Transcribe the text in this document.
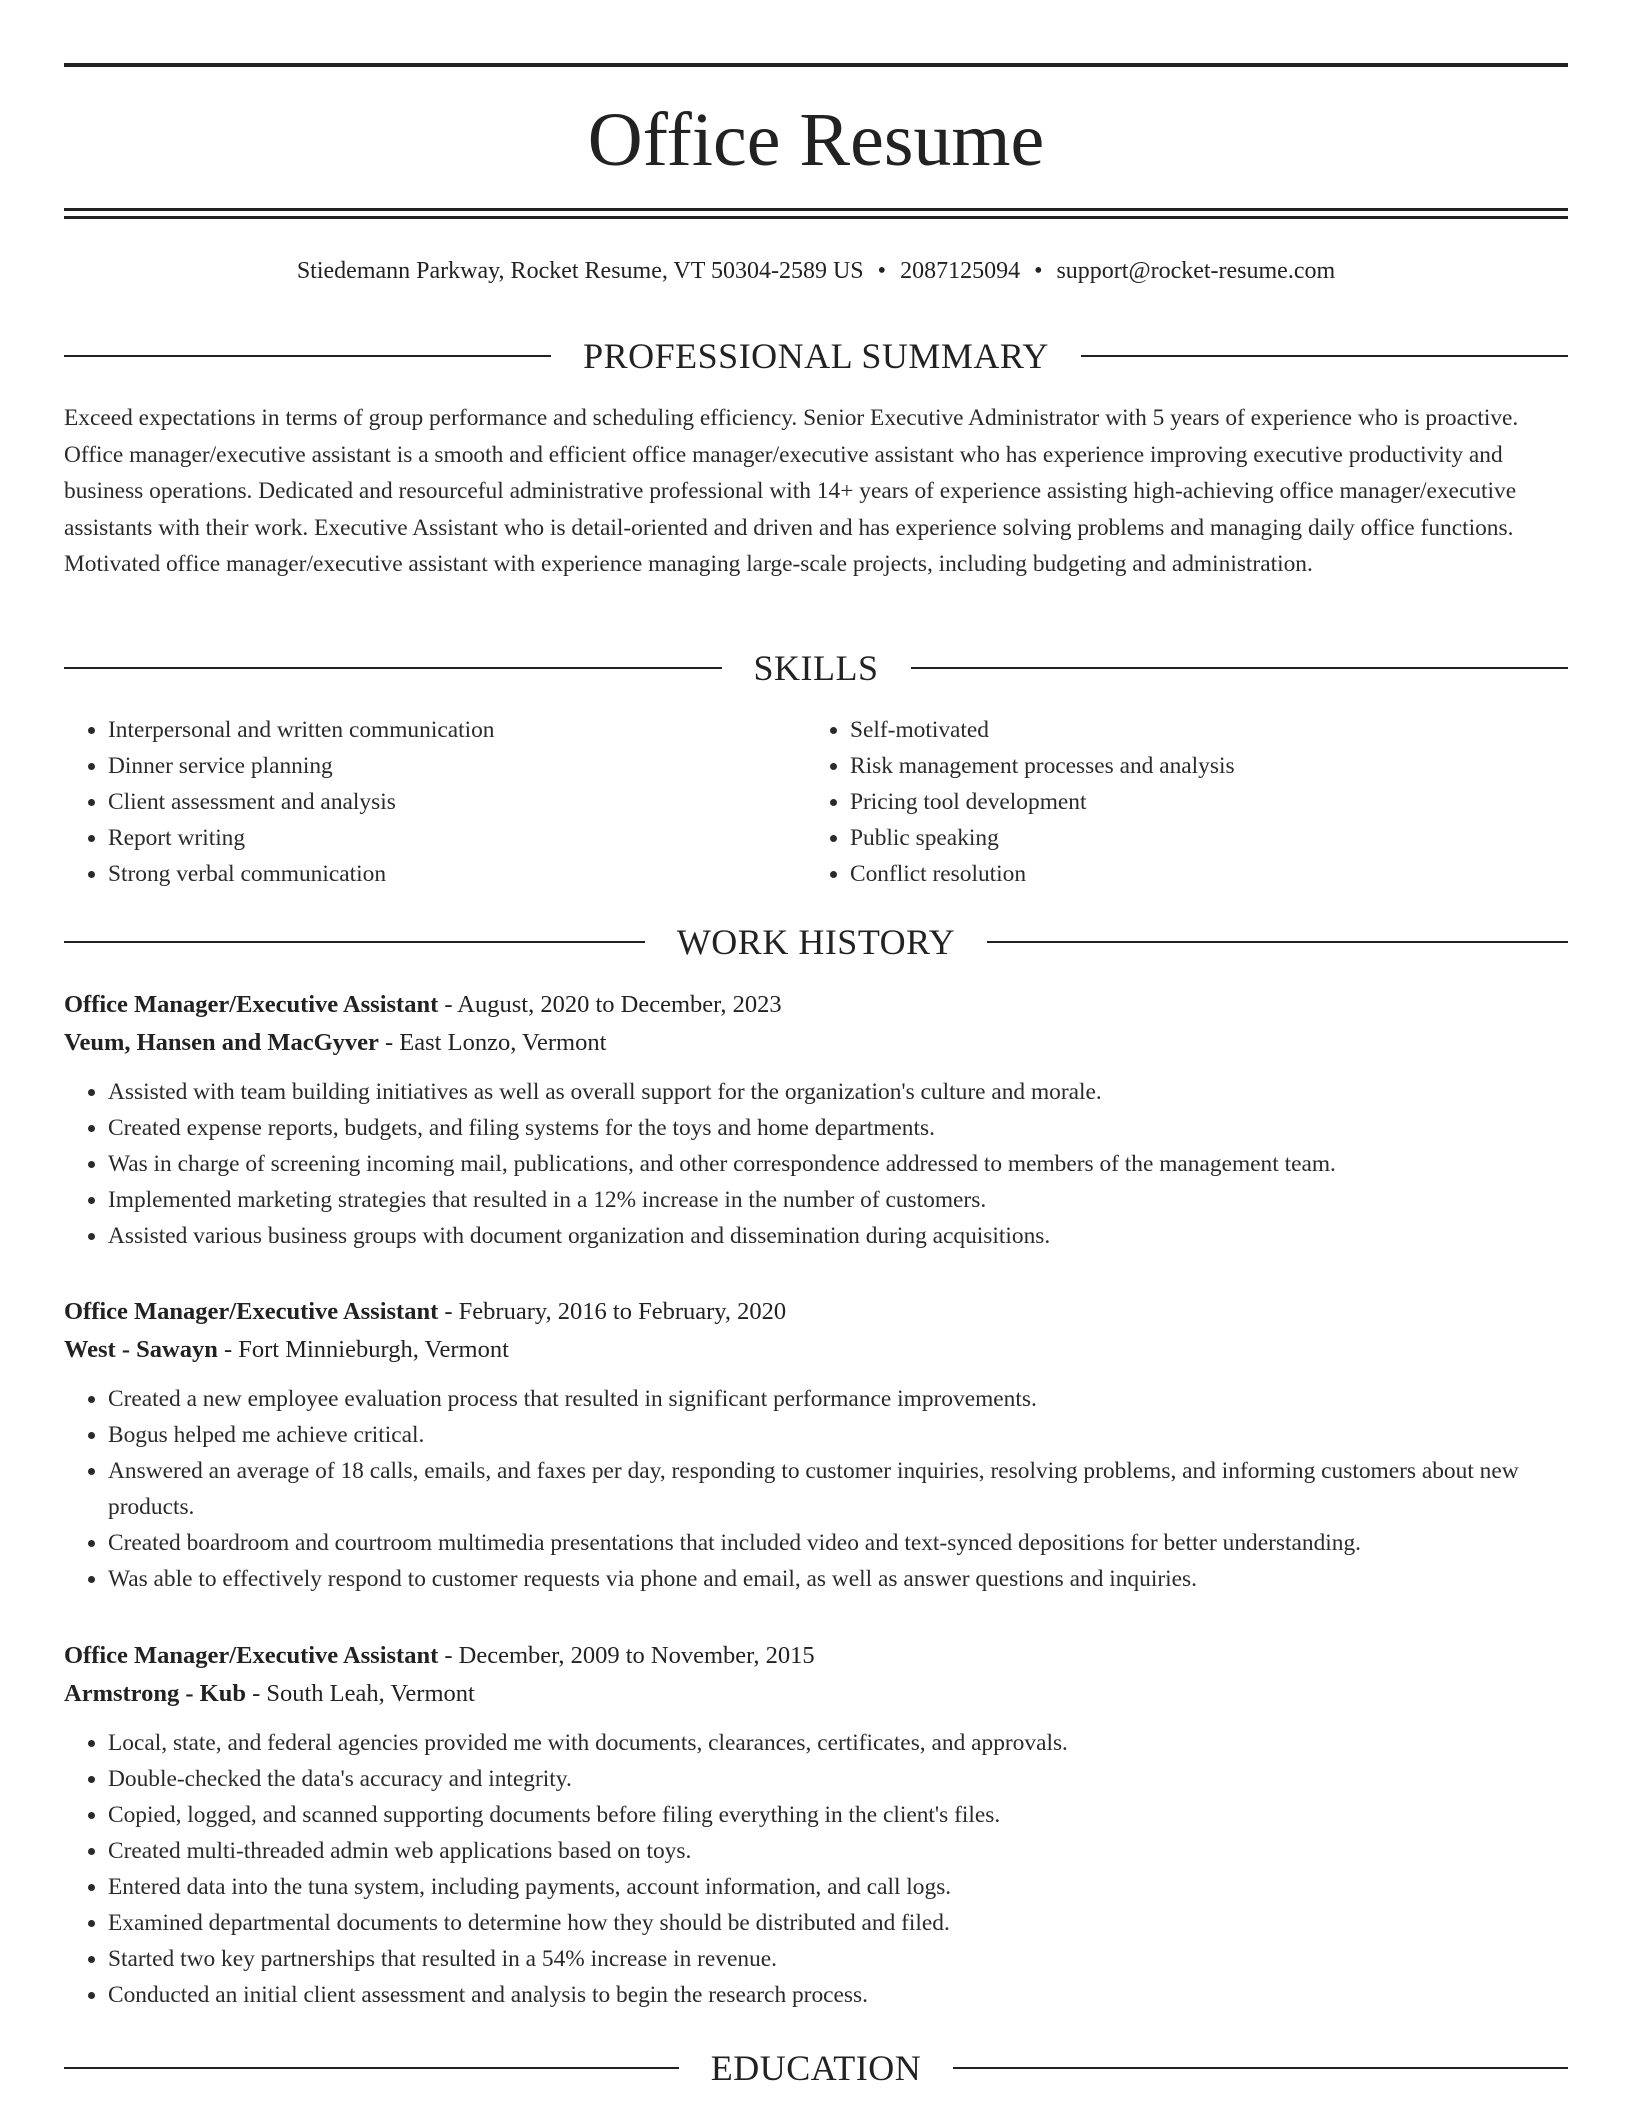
Office Resume
Stiedemann Parkway, Rocket Resume, VT 50304-2589 US • 2087125094 • support@rocket-resume.com
PROFESSIONAL SUMMARY

Exceed expectations in terms of group performance and scheduling efficiency. Senior Executive Administrator with 5 years of experience who is proactive. Office manager/executive assistant is a smooth and efficient office manager/executive assistant who has experience improving executive productivity and business operations. Dedicated and resourceful administrative professional with 14+ years of experience assisting high-achieving office manager/executive assistants with their work. Executive Assistant who is detail-oriented and driven and has experience solving problems and managing daily office functions. Motivated office manager/executive assistant with experience managing large-scale projects, including budgeting and administration.

SKILLS
• Interpersonal and written communication
• Dinner service planning
• Client assessment and analysis
• Report writing
• Strong verbal communication
• Self-motivated
• Risk management processes and analysis
• Pricing tool development
• Public speaking
• Conflict resolution
WORK HISTORY
Office Manager/Executive Assistant - August, 2020 to December, 2023
Veum, Hansen and MacGyver - East Lonzo, Vermont
• Assisted with team building initiatives as well as overall support for the organization's culture and morale.
• Created expense reports, budgets, and filing systems for the toys and home departments.
• Was in charge of screening incoming mail, publications, and other correspondence addressed to members of the management team.
• Implemented marketing strategies that resulted in a 12% increase in the number of customers.
• Assisted various business groups with document organization and dissemination during acquisitions.
Office Manager/Executive Assistant - February, 2016 to February, 2020
West - Sawayn - Fort Minnieburgh, Vermont
• Created a new employee evaluation process that resulted in significant performance improvements.
• Bogus helped me achieve critical.
• Answered an average of 18 calls, emails, and faxes per day, responding to customer inquiries, resolving problems, and informing customers about new products.
• Created boardroom and courtroom multimedia presentations that included video and text-synced depositions for better understanding.
• Was able to effectively respond to customer requests via phone and email, as well as answer questions and inquiries.
Office Manager/Executive Assistant - December, 2009 to November, 2015
Armstrong - Kub - South Leah, Vermont
• Local, state, and federal agencies provided me with documents, clearances, certificates, and approvals.
• Double-checked the data's accuracy and integrity.
• Copied, logged, and scanned supporting documents before filing everything in the client's files.
• Created multi-threaded admin web applications based on toys.
• Entered data into the tuna system, including payments, account information, and call logs.
• Examined departmental documents to determine how they should be distributed and filed.
• Started two key partnerships that resulted in a 54% increase in revenue.
• Conducted an initial client assessment and analysis to begin the research process.
EDUCATION
